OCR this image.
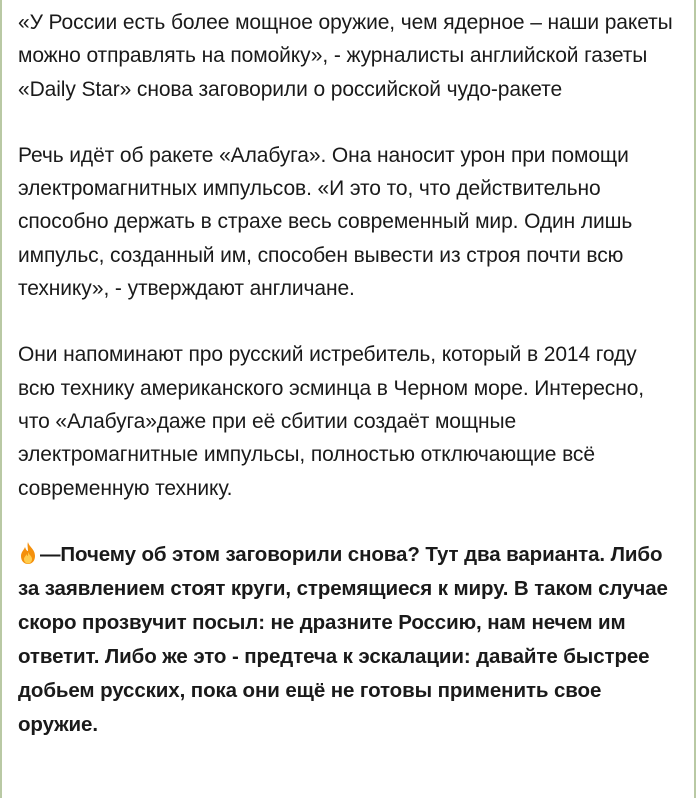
«У России есть более мощное оружие, чем ядерное – наши ракеты можно отправлять на помойку», - журналисты английской газеты «Daily Star» снова заговорили о российской чудо-ракете

Речь идёт об ракете «Алабуга». Она наносит урон при помощи электромагнитных импульсов. «И это то, что действительно способно держать в страхе весь современный мир. Один лишь импульс, созданный им, способен вывести из строя почти всю технику», - утверждают англичане.

Они напоминают про русский истребитель, который в 2014 году всю технику американского эсминца в Черном море. Интересно, что «Алабуга»даже при её сбитии создаёт мощные электромагнитные импульсы, полностью отключающие всё современную технику.

—Почему об этом заговорили снова? Тут два варианта. Либо за заявлением стоят круги, стремящиеся к миру. В таком случае скоро прозвучит посыл: не дразните Россию, нам нечем им ответит. Либо же это - предтеча к эскалации: давайте быстрее добьем русских, пока они ещё не готовы применить свое оружие.
